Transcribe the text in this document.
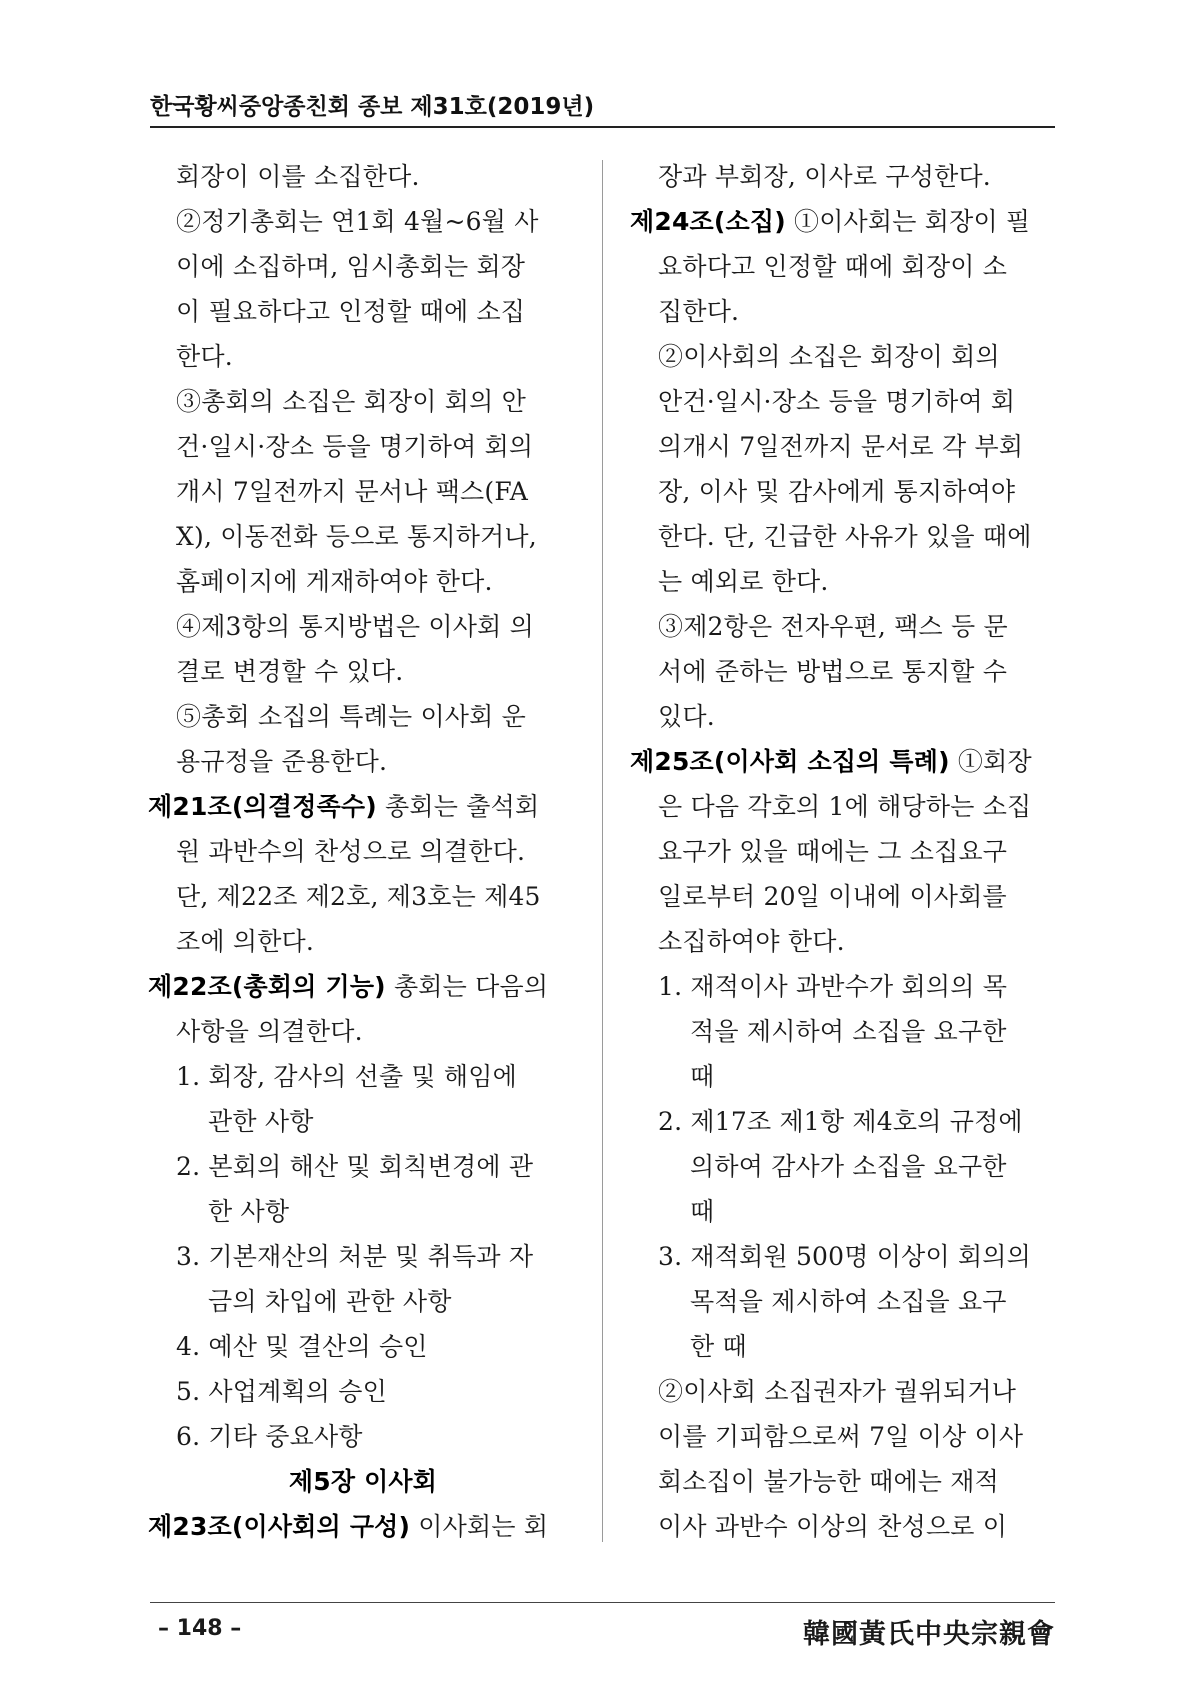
한국황씨중앙종친회 종보 제31호(2019년)
회장이 이를 소집한다.
②정기총회는 연1회 4월~6월 사
이에 소집하며, 임시총회는 회장
이 필요하다고 인정할 때에 소집
한다.
③총회의 소집은 회장이 회의 안
건·일시·장소 등을 명기하여 회의
개시 7일전까지 문서나 팩스(FA
X), 이동전화 등으로 통지하거나,
홈페이지에 게재하여야 한다.
④제3항의 통지방법은 이사회 의
결로 변경할 수 있다.
⑤총회 소집의 특례는 이사회 운
용규정을 준용한다.
제21조(의결정족수) 총회는 출석회
원 과반수의 찬성으로 의결한다.
단, 제22조 제2호, 제3호는 제45
조에 의한다.
제22조(총회의 기능) 총회는 다음의
사항을 의결한다.
1. 회장, 감사의 선출 및 해임에
관한 사항
2. 본회의 해산 및 회칙변경에 관
한 사항
3. 기본재산의 처분 및 취득과 자
금의 차입에 관한 사항
4. 예산 및 결산의 승인
5. 사업계획의 승인
6. 기타 중요사항
제5장 이사회
제23조(이사회의 구성) 이사회는 회
장과 부회장, 이사로 구성한다.
제24조(소집) ①이사회는 회장이 필
요하다고 인정할 때에 회장이 소
집한다.
②이사회의 소집은 회장이 회의
안건·일시·장소 등을 명기하여 회
의개시 7일전까지 문서로 각 부회
장, 이사 및 감사에게 통지하여야
한다. 단, 긴급한 사유가 있을 때에
는 예외로 한다.
③제2항은 전자우편, 팩스 등 문
서에 준하는 방법으로 통지할 수
있다.
제25조(이사회 소집의 특례) ①회장
은 다음 각호의 1에 해당하는 소집
요구가 있을 때에는 그 소집요구
일로부터 20일 이내에 이사회를
소집하여야 한다.
1. 재적이사 과반수가 회의의 목
적을 제시하여 소집을 요구한
때
2. 제17조 제1항 제4호의 규정에
의하여 감사가 소집을 요구한
때
3. 재적회원 500명 이상이 회의의
목적을 제시하여 소집을 요구
한 때
②이사회 소집권자가 궐위되거나
이를 기피함으로써 7일 이상 이사
회소집이 불가능한 때에는 재적
이사 과반수 이상의 찬성으로 이
– 148 –	韓國黃氏中央宗親會
